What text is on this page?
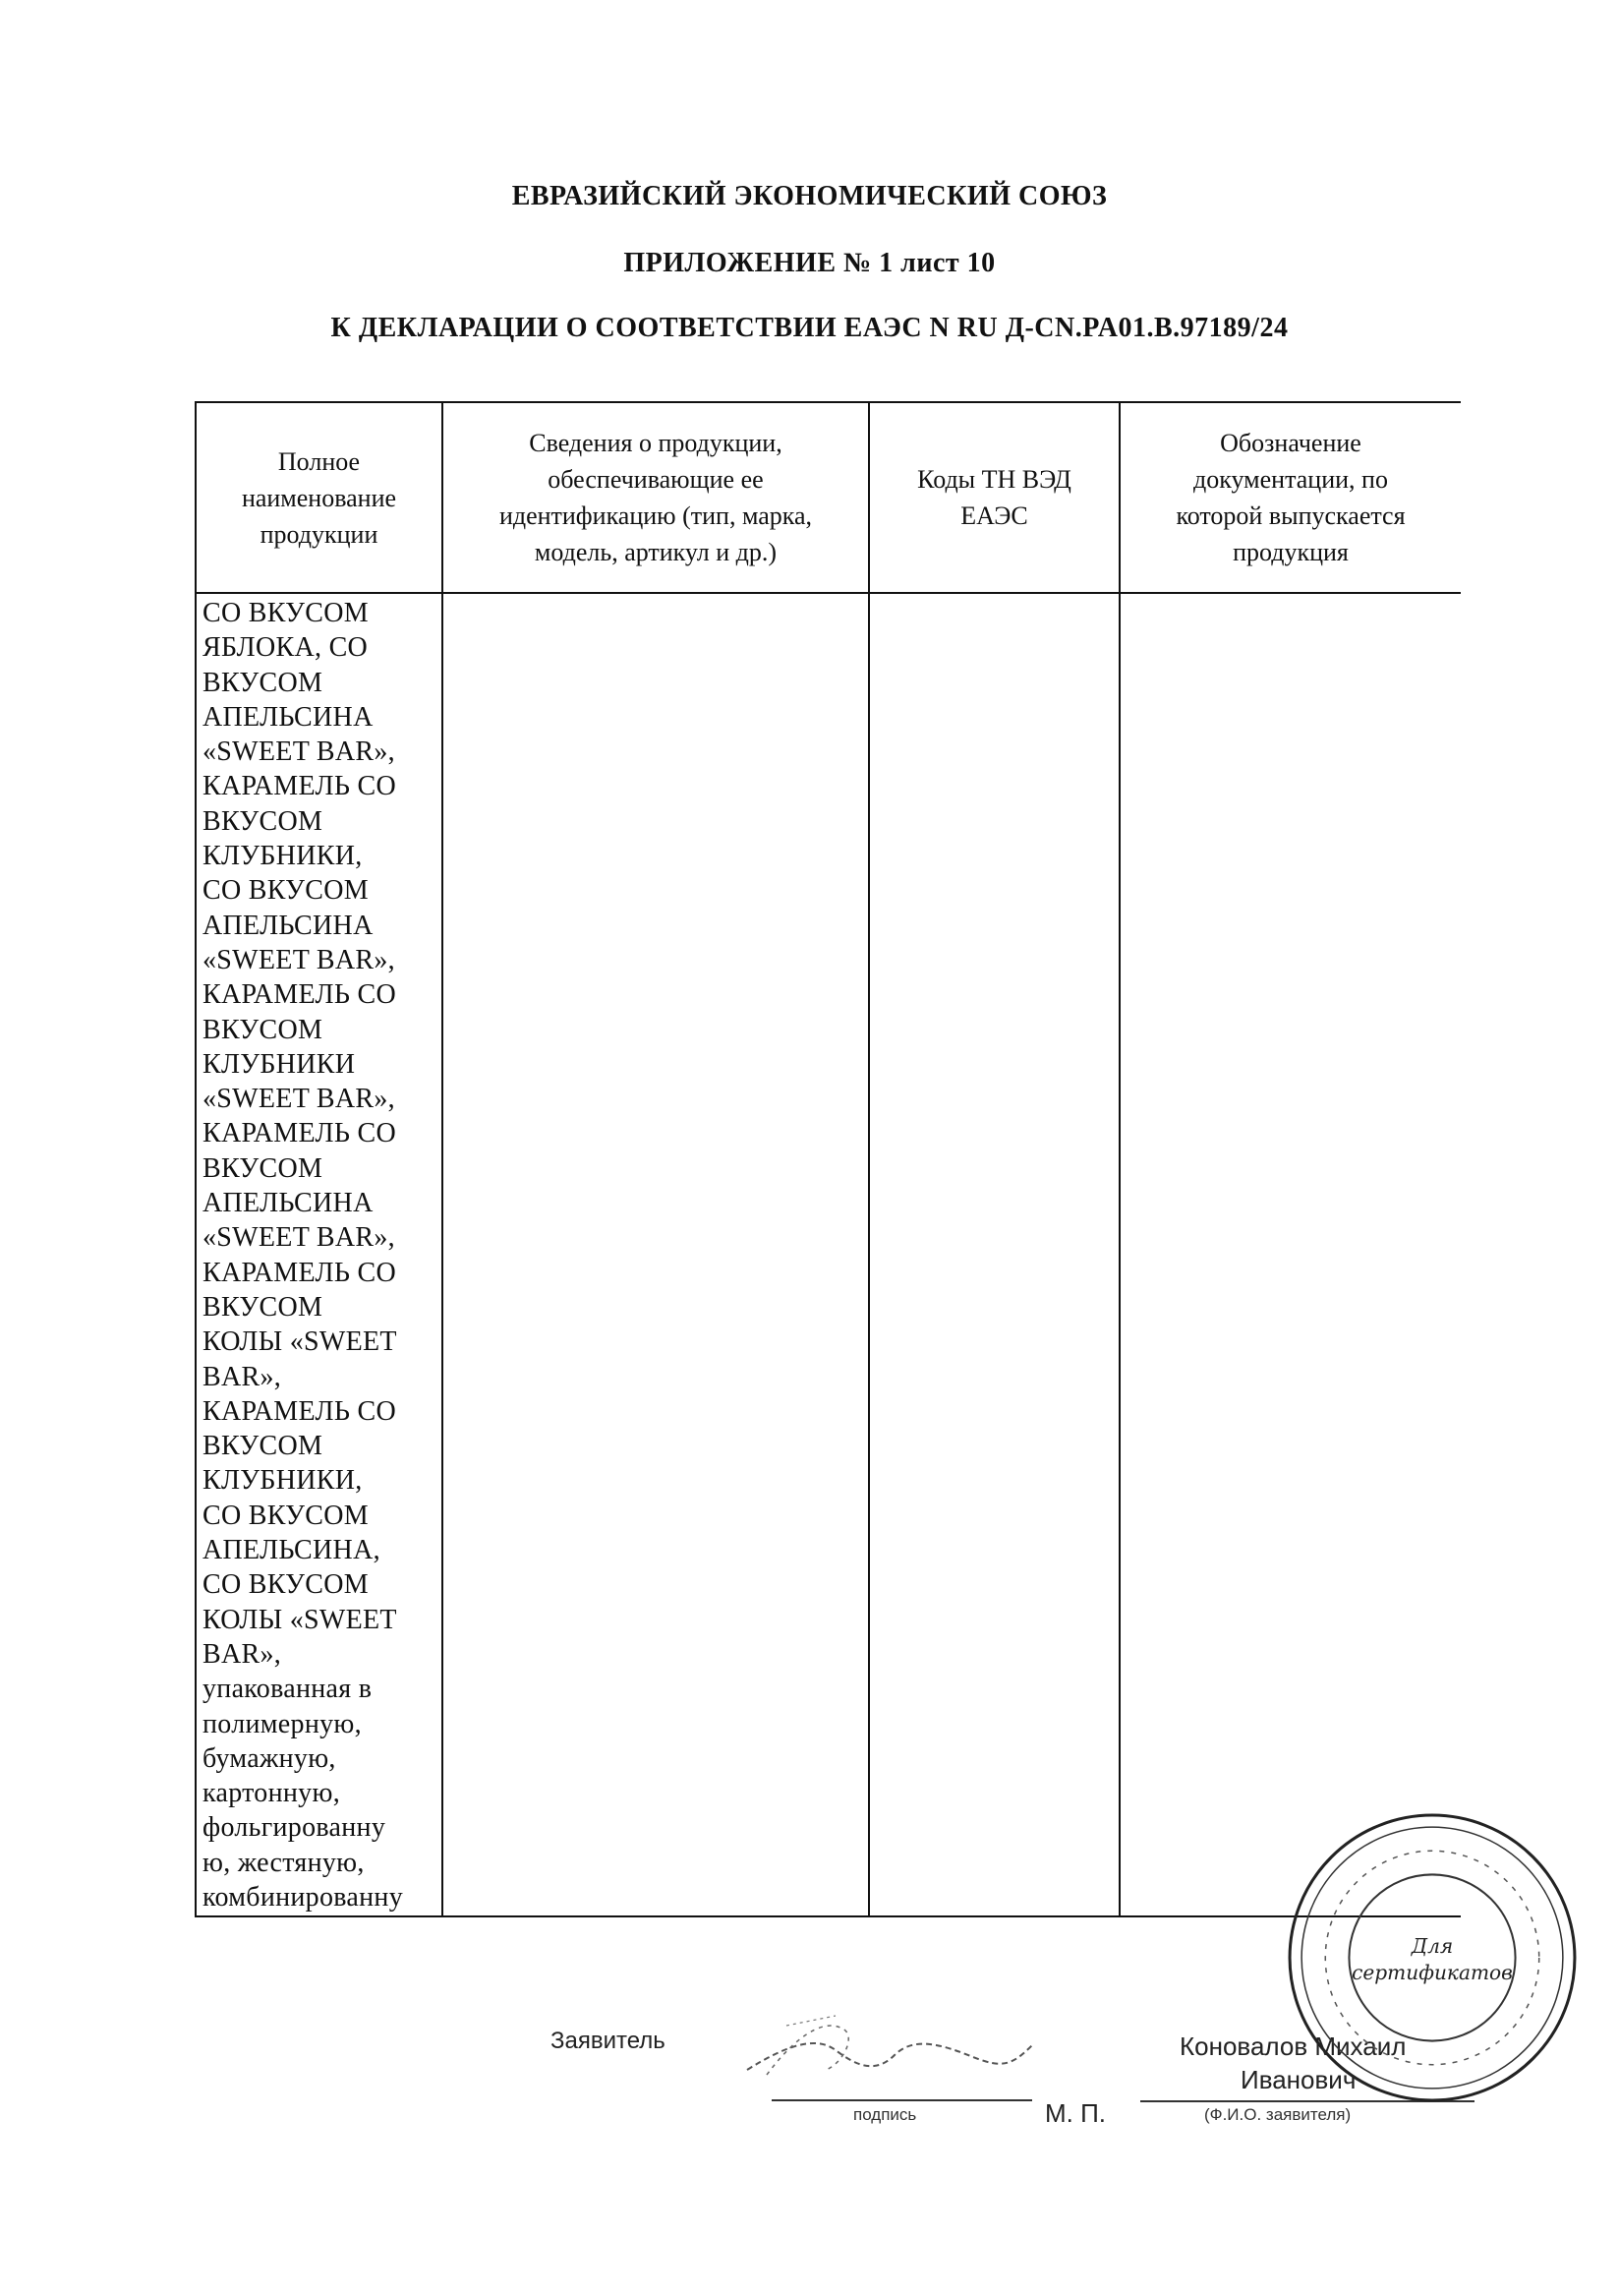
ЕВРАЗИЙСКИЙ ЭКОНОМИЧЕСКИЙ СОЮЗ
ПРИЛОЖЕНИЕ № 1 лист 10
К ДЕКЛАРАЦИИ О СООТВЕТСТВИИ ЕАЭС N RU Д-CN.PA01.B.97189/24
Полное
наименование
продукции
Сведения о продукции,
обеспечивающие ее
идентификацию (тип, марка,
модель, артикул и др.)
Коды ТН ВЭД
ЕАЭС
Обозначение
документации, по
которой выпускается
продукция
СО ВКУСОМ
ЯБЛОКА, СО
ВКУСОМ
АПЕЛЬСИНА
«SWEET BAR»,
КАРАМЕЛЬ СО
ВКУСОМ
КЛУБНИКИ,
СО ВКУСОМ
АПЕЛЬСИНА
«SWEET BAR»,
КАРАМЕЛЬ СО
ВКУСОМ
КЛУБНИКИ
«SWEET BAR»,
КАРАМЕЛЬ СО
ВКУСОМ
АПЕЛЬСИНА
«SWEET BAR»,
КАРАМЕЛЬ СО
ВКУСОМ
КОЛЫ «SWEET
BAR»,
КАРАМЕЛЬ СО
ВКУСОМ
КЛУБНИКИ,
СО ВКУСОМ
АПЕЛЬСИНА,
СО ВКУСОМ
КОЛЫ «SWEET
BAR»,
упакованная в
полимерную,
бумажную,
картонную,
фольгированну
ю, жестяную,
комбинированну
Заявитель
подпись	М. П.
Коновалов Михаил
Иванович
(Ф.И.О. заявителя)
Для
сертификатов
